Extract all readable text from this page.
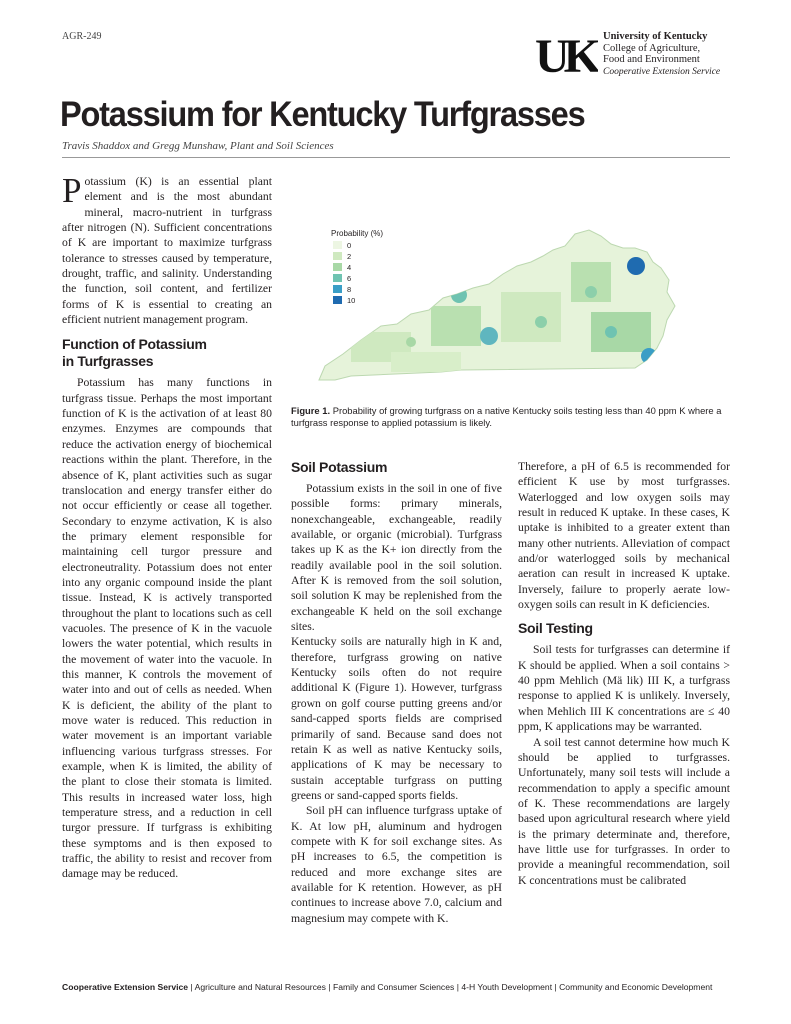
AGR-249	UK University of Kentucky
College of Agriculture,
Food and Environment
Cooperative Extension Service
Potassium for Kentucky Turfgrasses
Travis Shaddox and Gregg Munshaw, Plant and Soil Sciences

Potassium (K) is an essential plant element and is the most abundant mineral, macro-nutrient in turfgrass after nitrogen (N). Sufficient concentrations of K are important to maximize turfgrass tolerance to stresses caused by temperature, drought, traffic, and salinity. Understanding the function, soil content, and fertilizer forms of K is essential to creating an efficient nutrient management program.

Function of Potassium
in Turfgrasses

Potassium has many functions in turfgrass tissue. Perhaps the most important function of K is the activation of at least 80 enzymes. Enzymes are compounds that reduce the activation energy of biochemical reactions within the plant. Therefore, in the absence of K, plant activities such as sugar translocation and energy transfer either do not occur efficiently or cease all together. Secondary to enzyme activation, K is also the primary element responsible for maintaining cell turgor pressure and electroneutrality. Potassium does not enter into any organic compound inside the plant tissue. Instead, K is actively transported throughout the plant to locations such as cell vacuoles. The presence of K in the vacuole lowers the water potential, which results in the movement of water into the vacuole. In this manner, K controls the movement of water into and out of cells as needed. When K is deficient, the ability of the plant to move water is reduced. This reduction in water movement is an important variable influencing various turfgrass stresses. For example, when K is limited, the ability of the plant to close their stomata is limited. This results in increased water loss, high temperature stress, and a reduction in cell turgor pressure. If turfgrass is exhibiting these symptoms and is then exposed to traffic, the ability to resist and recover from damage may be reduced.

Probability (%)
0
2
4
6
8
10
Figure 1. Probability of growing turfgrass on a native Kentucky soils testing less than 40 ppm K where a turfgrass response to applied potassium is likely.
Soil Potassium

Potassium exists in the soil in one of five possible forms: primary minerals, nonexchangeable, exchangeable, readily available, or organic (microbial). Turfgrass takes up K as the K+ ion directly from the readily available pool in the soil solution. After K is removed from the soil solution, soil solution K may be replenished from the exchangeable K held on the soil exchange sites.

Kentucky soils are naturally high in K and, therefore, turfgrass growing on native Kentucky soils often do not require additional K (Figure 1). However, turfgrass grown on golf course putting greens and/or sand-capped sports fields are comprised primarily of sand. Because sand does not retain K as well as native Kentucky soils, applications of K may be necessary to sustain acceptable turfgrass on putting greens or sand-capped sports fields.

Soil pH can influence turfgrass uptake of K. At low pH, aluminum and hydrogen compete with K for soil exchange sites. As pH increases to 6.5, the competition is reduced and more exchange sites are available for K retention. However, as pH continues to increase above 7.0, calcium and magnesium may compete with K.

Therefore, a pH of 6.5 is recommended for efficient K use by most turfgrasses. Waterlogged and low oxygen soils may result in reduced K uptake. In these cases, K uptake is inhibited to a greater extent than many other nutrients. Alleviation of compact and/or waterlogged soils by mechanical aeration can result in increased K uptake. Inversely, failure to properly aerate low-oxygen soils can result in K deficiencies.

Soil Testing

Soil tests for turfgrasses can determine if K should be applied. When a soil contains > 40 ppm Mehlich (Mä lik) III K, a turfgrass response to applied K is unlikely. Inversely, when Mehlich III K concentrations are ≤ 40 ppm, K applications may be warranted.

A soil test cannot determine how much K should be applied to turfgrasses. Unfortunately, many soil tests will include a recommendation to apply a specific amount of K. These recommendations are largely based upon agricultural research where yield is the primary determinate and, therefore, have little use for turfgrasses. In order to provide a meaningful recommendation, soil K concentrations must be calibrated

Cooperative Extension Service | Agriculture and Natural Resources | Family and Consumer Sciences | 4-H Youth Development | Community and Economic Development
